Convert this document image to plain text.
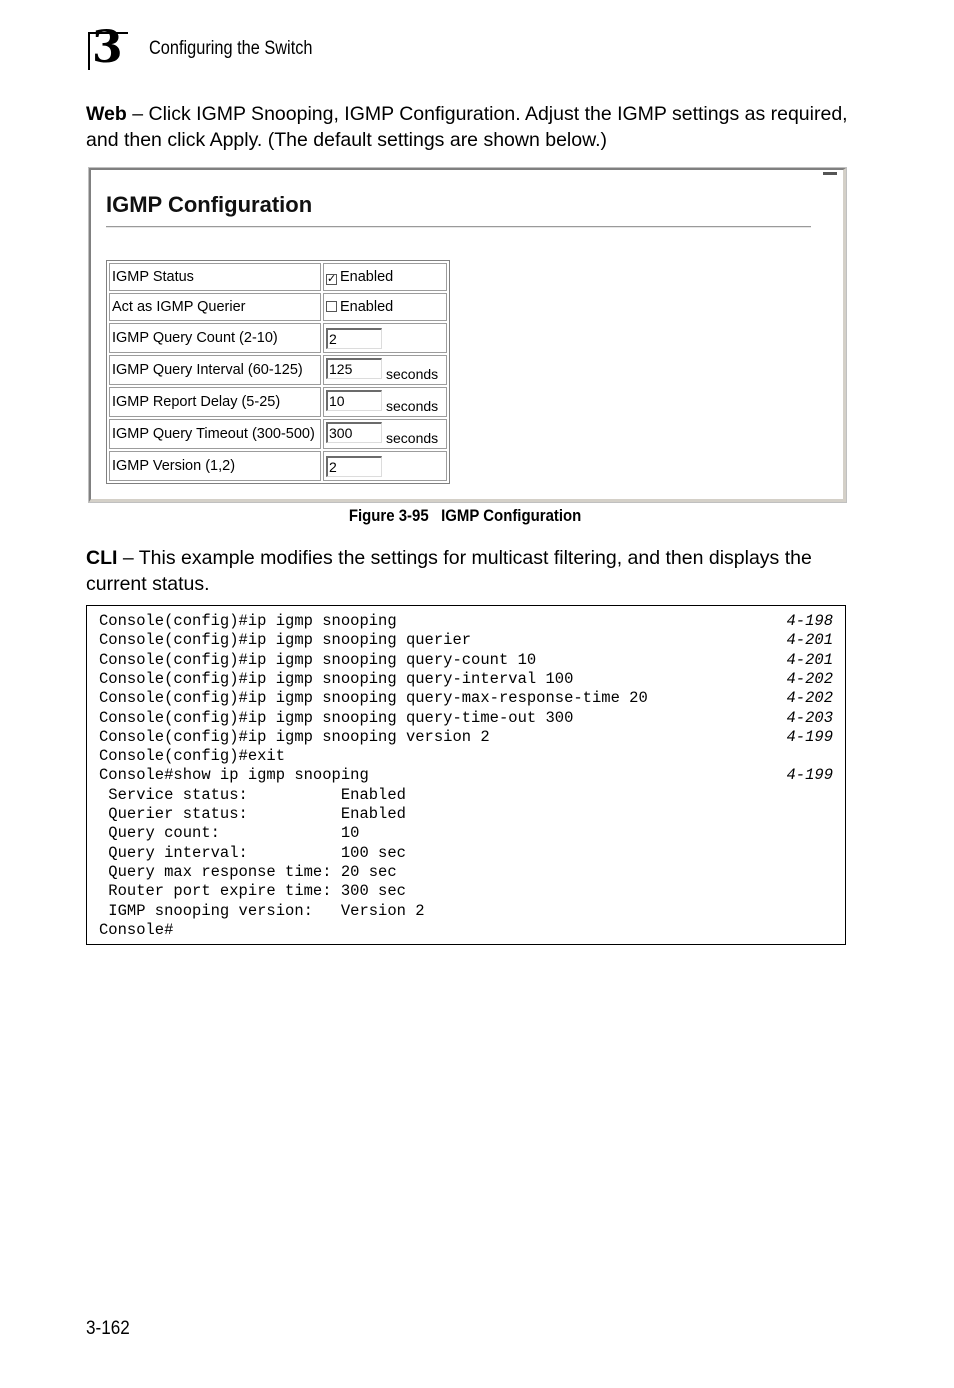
3 Configuring the Switch
Web – Click IGMP Snooping, IGMP Configuration. Adjust the IGMP settings as required, and then click Apply. (The default settings are shown below.)
IGMP Configuration
IGMP Status	✓ Enabled
Act as IGMP Querier	Enabled
IGMP Query Count (2-10)	2
IGMP Query Interval (60-125)	125 seconds
IGMP Report Delay (5-25)	10 seconds
IGMP Query Timeout (300-500)	300 seconds
IGMP Version (1,2)	2
Figure 3-95   IGMP Configuration
CLI – This example modifies the settings for multicast filtering, and then displays the current status.
Console(config)#ip igmp snooping	4-198
Console(config)#ip igmp snooping querier	4-201
Console(config)#ip igmp snooping query-count 10	4-201
Console(config)#ip igmp snooping query-interval 100	4-202
Console(config)#ip igmp snooping query-max-response-time 20	4-202
Console(config)#ip igmp snooping query-time-out 300	4-203
Console(config)#ip igmp snooping version 2	4-199
Console(config)#exit
Console#show ip igmp snooping	4-199
Service status:          Enabled
Querier status:          Enabled
Query count:             10
Query interval:          100 sec
Query max response time: 20 sec
Router port expire time: 300 sec
IGMP snooping version:   Version 2
Console#
3-162
